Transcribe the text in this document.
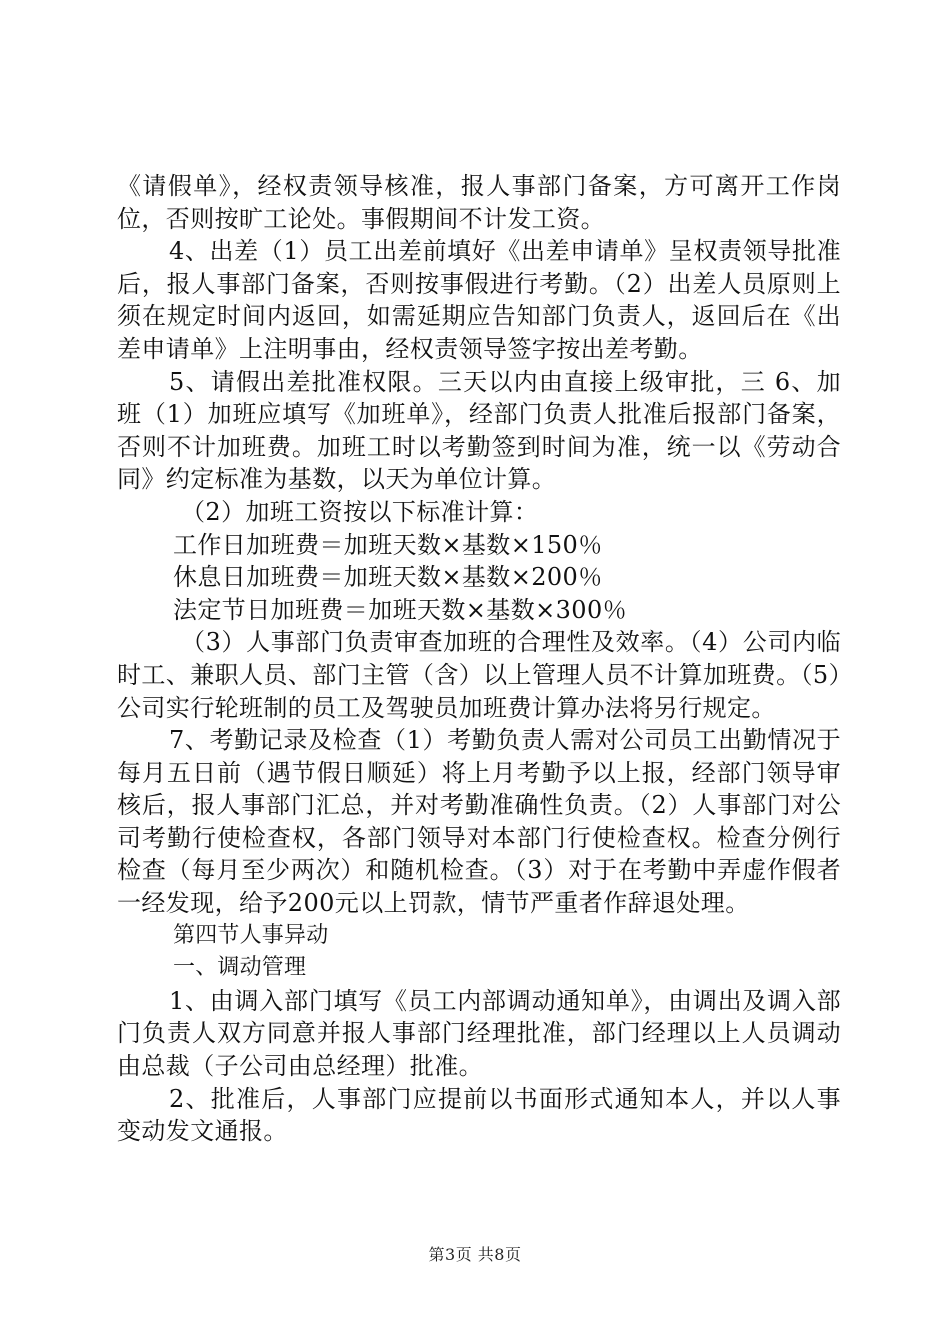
《请假单》，经权责领导核准，报人事部门备案，方可离开工作岗位，否则按旷工论处。事假期间不计发工资。

4、出差（1）员工出差前填好《出差申请单》呈权责领导批准后，报人事部门备案，否则按事假进行考勤。（2）出差人员原则上须在规定时间内返回，如需延期应告知部门负责人，返回后在《出差申请单》上注明事由，经权责领导签字按出差考勤。

5、请假出差批准权限。三天以内由直接上级审批，三 6、加班（1）加班应填写《加班单》，经部门负责人批准后报部门备案，否则不计加班费。加班工时以考勤签到时间为准，统一以《劳动合同》约定标准为基数，以天为单位计算。

（2）加班工资按以下标准计算：

工作日加班费＝加班天数×基数×150％

休息日加班费＝加班天数×基数×200％

法定节日加班费＝加班天数×基数×300％

（3）人事部门负责审查加班的合理性及效率。（4）公司内临时工、兼职人员、部门主管（含）以上管理人员不计算加班费。（5）公司实行轮班制的员工及驾驶员加班费计算办法将另行规定。

7、考勤记录及检查（1）考勤负责人需对公司员工出勤情况于每月五日前（遇节假日顺延）将上月考勤予以上报，经部门领导审核后，报人事部门汇总，并对考勤准确性负责。（2）人事部门对公司考勤行使检查权，各部门领导对本部门行使检查权。检查分例行检查（每月至少两次）和随机检查。（3）对于在考勤中弄虚作假者一经发现，给予200元以上罚款，情节严重者作辞退处理。

第四节人事异动

一、调动管理

1、由调入部门填写《员工内部调动通知单》，由调出及调入部门负责人双方同意并报人事部门经理批准，部门经理以上人员调动由总裁（子公司由总经理）批准。

2、批准后，人事部门应提前以书面形式通知本人，并以人事变动发文通报。

第3页 共8页
